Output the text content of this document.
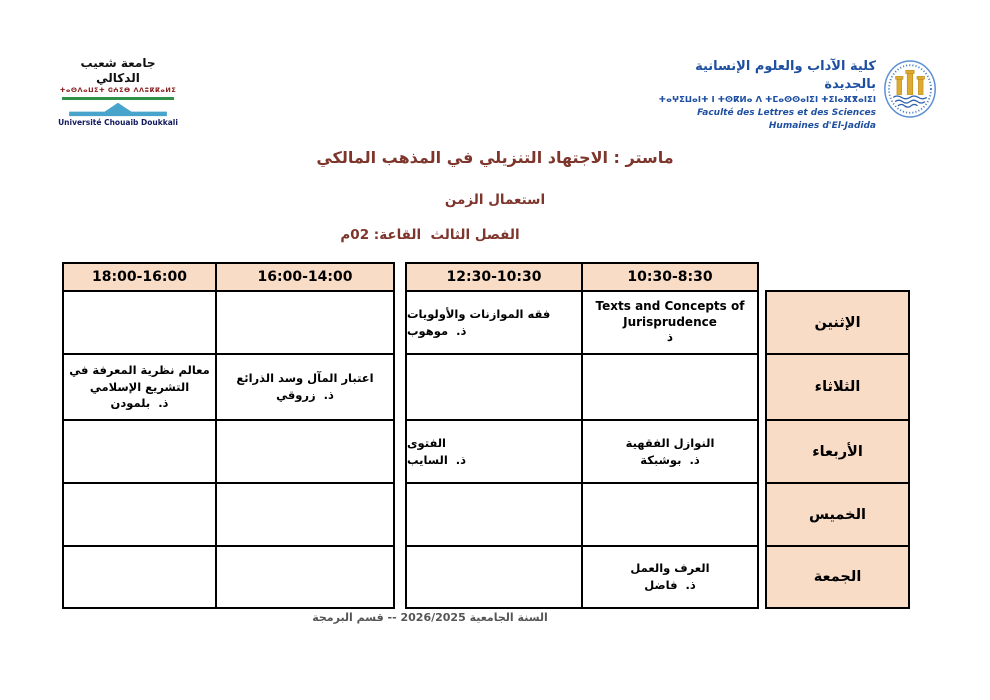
جامعة شعيب الدكالي
ⵜⴰⵙⴷⴰⵡⵉⵜ ⵛⵄⵉⴱ ⴷⴷⵓⴽⴽⴰⵍⵉ
Université Chouaib Doukkali
كلية الآداب والعلوم الإنسانية بالجديدة
ⵜⴰⵖⵉⵡⴰⵏⵜ ⵏ ⵜⵙⴽⵍⴰ ⴷ ⵜⵎⴰⵙⵙⴰⵏⵉⵏ ⵜⵉⵏⴰⴼⴳⴰⵏⵉⵏ
Faculté des Lettres et des Sciences Humaines d'El-Jadida
ماستر : الاجتهاد التنزيلي في المذهب المالكي
استعمال الزمن
الفصل الثالث  القاعة: 02م
18:00-16:00	16:00-14:00
معالم نظرية المعرفة في التشريع الإسلامي
ذ.  بلمودن
اعتبار المآل وسد الذرائع
ذ.  زروقي
12:30-10:30	10:30-8:30
فقه الموازنات والأولويات
ذ.  موهوب
Texts and Concepts of Jurisprudence
ذ
الفتوى
ذ.  السايب
النوازل الفقهية
ذ.  بوشبكة
العرف والعمل
ذ.  فاضل
الإثنين
الثلاثاء
الأربعاء
الخميس
الجمعة
السنة الجامعية 2026/2025 -- قسم البرمجة
